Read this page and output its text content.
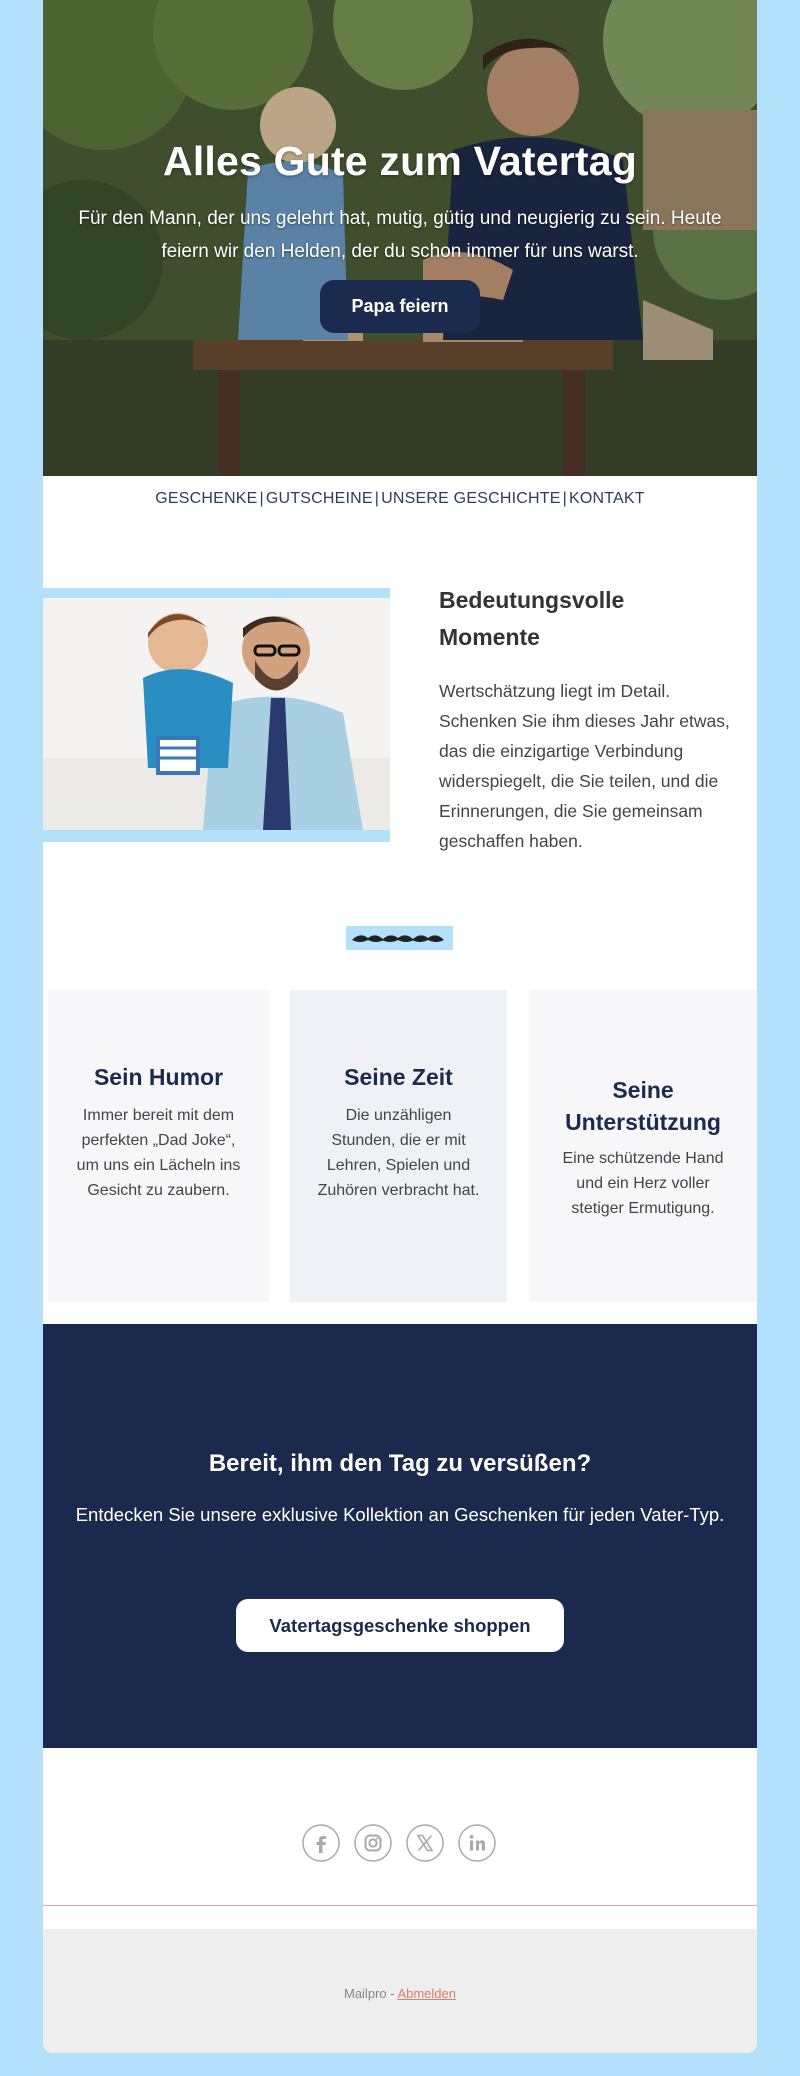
Alles Gute zum Vatertag
Für den Mann, der uns gelehrt hat, mutig, gütig und neugierig zu sein. Heute feiern wir den Helden, der du schon immer für uns warst.
Papa feiern
GESCHENKE | GUTSCHEINE | UNSERE GESCHICHTE | KONTAKT
Bedeutungsvolle Momente
Wertschätzung liegt im Detail. Schenken Sie ihm dieses Jahr etwas, das die einzigartige Verbindung widerspiegelt, die Sie teilen, und die Erinnerungen, die Sie gemeinsam geschaffen haben.
Sein Humor
Immer bereit mit dem perfekten „Dad Joke“, um uns ein Lächeln ins Gesicht zu zaubern.
Seine Zeit
Die unzähligen Stunden, die er mit Lehren, Spielen und Zuhören verbracht hat.
Seine Unterstützung
Eine schützende Hand und ein Herz voller stetiger Ermutigung.
Bereit, ihm den Tag zu versüßen?
Entdecken Sie unsere exklusive Kollektion an Geschenken für jeden Vater-Typ.
Vatertagsgeschenke shoppen
Mailpro - Abmelden
